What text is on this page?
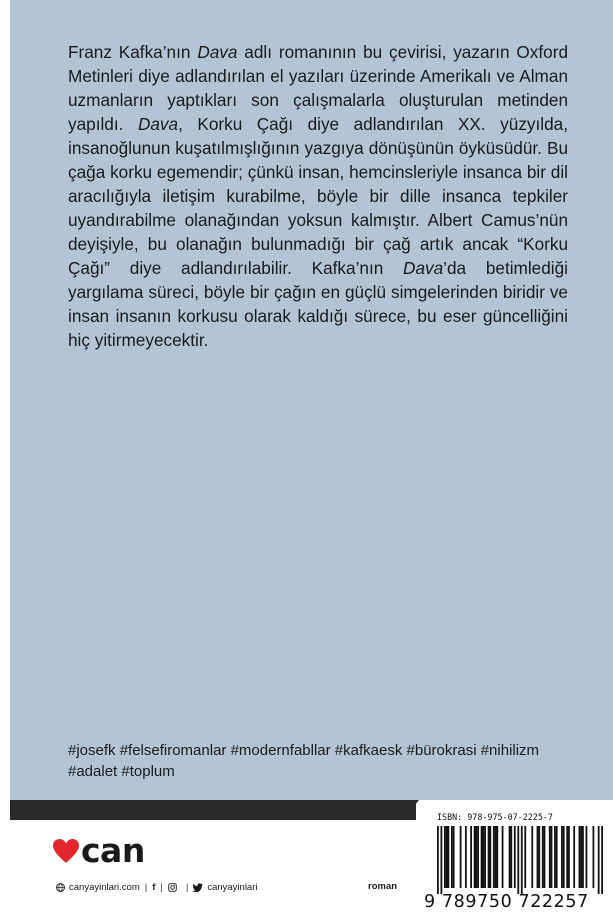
Franz Kafka’nın Dava adlı romanının bu çevirisi, yazarın Oxford Metinleri diye adlandırılan el yazıları üzerinde Amerikalı ve Alman uzmanların yaptıkları son çalışmalarla oluşturulan metinden yapıldı. Dava, Korku Çağı diye adlandırılan XX. yüzyılda, insanoğlunun kuşatılmışlığının yazgıya dönüşünün öyküsüdür. Bu çağa korku egemendir; çünkü insan, hemcinsleriyle insanca bir dil aracılığıyla iletişim kurabilme, böyle bir dille insanca tepkiler uyandırabilme olanağından yoksun kalmıştır. Albert Camus’nün deyişiyle, bu olanağın bulunmadığı bir çağ artık ancak “Korku Çağı” diye adlandırılabilir. Kafka’nın Dava’da betimlediği yargılama süreci, böyle bir çağın en güçlü simgelerinden biridir ve insan insanın korkusu olarak kaldığı sürece, bu eser güncelliğini hiç yitirmeyecektir.

#josefk #felsefiromanlar #modernfabllar #kafkaesk #bürokrasi #nihilizm #adalet #toplum

can
canyayinlari.com | f | | canyayinlari	roman
ISBN: 978-975-07-2225-7
9 789750 722257
